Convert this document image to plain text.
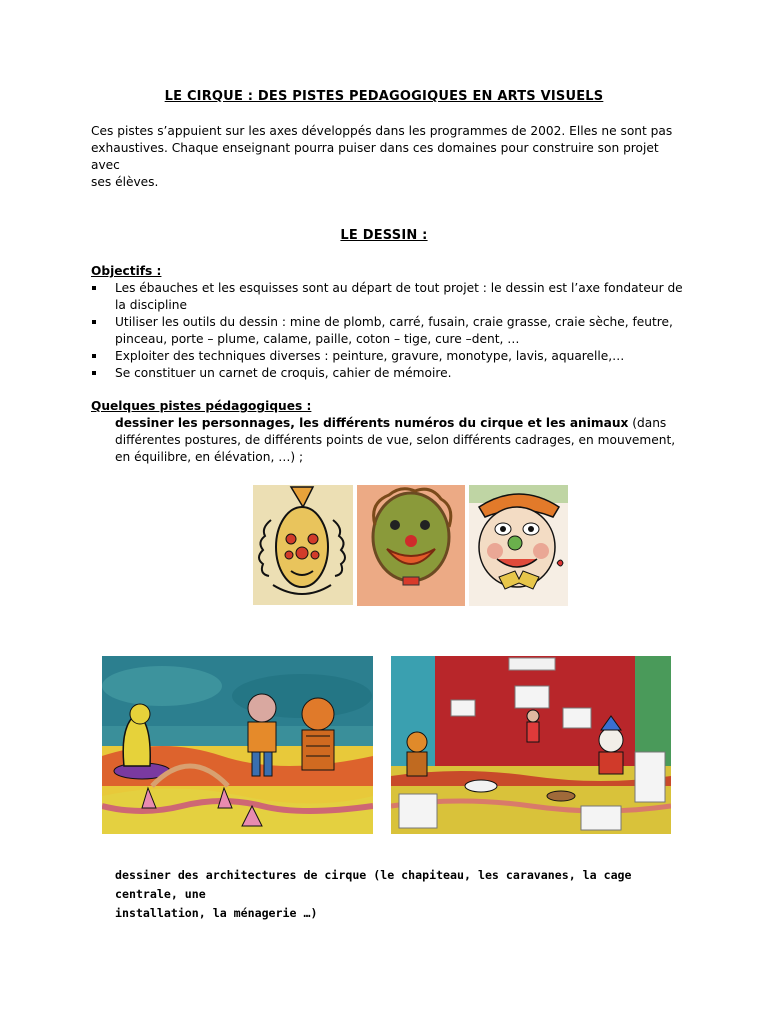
LE CIRQUE : DES PISTES PEDAGOGIQUES EN ARTS VISUELS
Ces pistes s’appuient sur les axes développés dans les programmes de 2002. Elles ne sont pas
exhaustives. Chaque enseignant pourra puiser dans ces domaines pour construire son projet avec
ses élèves.
LE DESSIN :
Objectifs :
Les ébauches et les esquisses sont au départ de tout projet : le dessin est l’axe fondateur de
la discipline
Utiliser les outils du dessin : mine de plomb, carré, fusain, craie grasse, craie sèche, feutre,
pinceau, porte – plume, calame, paille, coton – tige, cure –dent, …
Exploiter des techniques diverses : peinture, gravure, monotype, lavis, aquarelle,…
Se constituer un carnet de croquis, cahier de mémoire.
Quelques pistes pédagogiques :
dessiner les personnages, les différents numéros du cirque et les animaux (dans
différentes postures, de différents points de vue, selon différents cadrages, en mouvement,
en équilibre, en élévation, …) ;
dessiner des architectures de cirque (le chapiteau, les caravanes, la cage centrale, une
installation, la ménagerie …)
